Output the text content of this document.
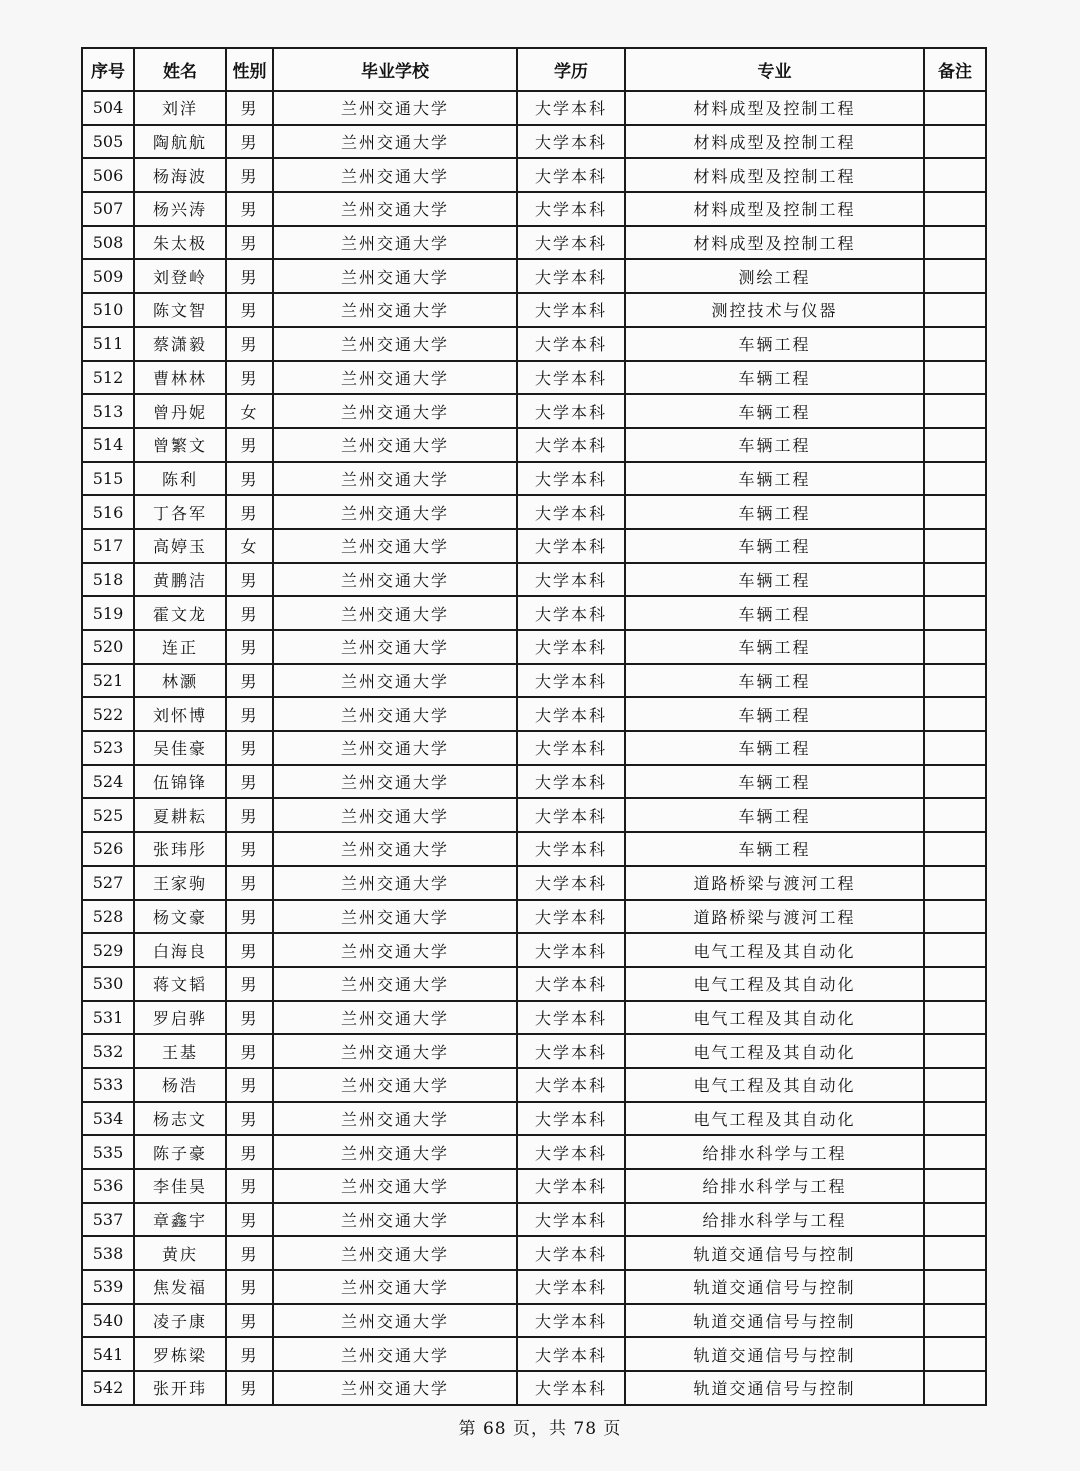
序号	姓名	性别	毕业学校	学历	专业	备注
504	刘洋	男	兰州交通大学	大学本科	材料成型及控制工程	
505	陶航航	男	兰州交通大学	大学本科	材料成型及控制工程	
506	杨海波	男	兰州交通大学	大学本科	材料成型及控制工程	
507	杨兴涛	男	兰州交通大学	大学本科	材料成型及控制工程	
508	朱太极	男	兰州交通大学	大学本科	材料成型及控制工程	
509	刘登岭	男	兰州交通大学	大学本科	测绘工程	
510	陈文智	男	兰州交通大学	大学本科	测控技术与仪器	
511	蔡潇毅	男	兰州交通大学	大学本科	车辆工程	
512	曹林林	男	兰州交通大学	大学本科	车辆工程	
513	曾丹妮	女	兰州交通大学	大学本科	车辆工程	
514	曾繁文	男	兰州交通大学	大学本科	车辆工程	
515	陈利	男	兰州交通大学	大学本科	车辆工程	
516	丁各军	男	兰州交通大学	大学本科	车辆工程	
517	高婷玉	女	兰州交通大学	大学本科	车辆工程	
518	黄鹏洁	男	兰州交通大学	大学本科	车辆工程	
519	霍文龙	男	兰州交通大学	大学本科	车辆工程	
520	连正	男	兰州交通大学	大学本科	车辆工程	
521	林灏	男	兰州交通大学	大学本科	车辆工程	
522	刘怀博	男	兰州交通大学	大学本科	车辆工程	
523	吴佳豪	男	兰州交通大学	大学本科	车辆工程	
524	伍锦锋	男	兰州交通大学	大学本科	车辆工程	
525	夏耕耘	男	兰州交通大学	大学本科	车辆工程	
526	张玮彤	男	兰州交通大学	大学本科	车辆工程	
527	王家驹	男	兰州交通大学	大学本科	道路桥梁与渡河工程	
528	杨文豪	男	兰州交通大学	大学本科	道路桥梁与渡河工程	
529	白海良	男	兰州交通大学	大学本科	电气工程及其自动化	
530	蒋文韬	男	兰州交通大学	大学本科	电气工程及其自动化	
531	罗启骅	男	兰州交通大学	大学本科	电气工程及其自动化	
532	王基	男	兰州交通大学	大学本科	电气工程及其自动化	
533	杨浩	男	兰州交通大学	大学本科	电气工程及其自动化	
534	杨志文	男	兰州交通大学	大学本科	电气工程及其自动化	
535	陈子豪	男	兰州交通大学	大学本科	给排水科学与工程	
536	李佳昊	男	兰州交通大学	大学本科	给排水科学与工程	
537	章鑫宇	男	兰州交通大学	大学本科	给排水科学与工程	
538	黄庆	男	兰州交通大学	大学本科	轨道交通信号与控制	
539	焦发福	男	兰州交通大学	大学本科	轨道交通信号与控制	
540	凌子康	男	兰州交通大学	大学本科	轨道交通信号与控制	
541	罗栋梁	男	兰州交通大学	大学本科	轨道交通信号与控制	
542	张开玮	男	兰州交通大学	大学本科	轨道交通信号与控制	
第 68 页，共 78 页
